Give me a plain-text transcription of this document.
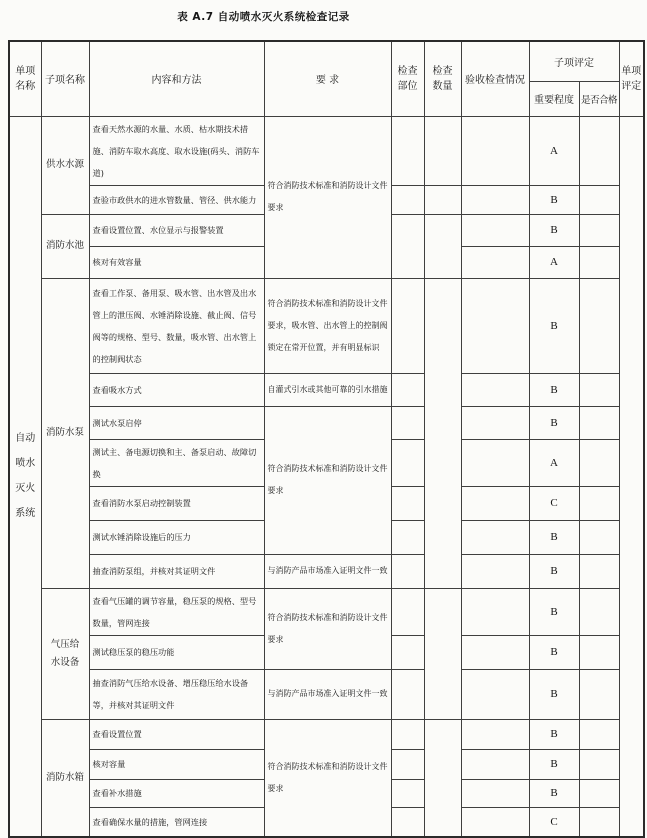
表 A.7 自动喷水灭火系统检查记录
单项名称	子项名称	内容和方法	要 求	检查部位	检查数量	验收检查情况	子项评定		单项评定
							重要程度	是否合格	

自动喷水灭火系统	供水水源	查看天然水源的水量、水质、枯水期技术措施、消防车取水高度、取水设施(码头、消防车道)	符合消防技术标准和消防设计文件要求				A		
		查验市政供水的进水管数量、管径、供水能力					B		
	消防水池	查看设置位置、水位显示与报警装置					B		
		核对有效容量					A		
	消防水泵	查看工作泵、备用泵、吸水管、出水管及出水管上的泄压阀、水锤消除设施、截止阀、信号阀等的规格、型号、数量，吸水管、出水管上的控制阀状态	符合消防技术标准和消防设计文件要求，吸水管、出水管上的控制阀锁定在常开位置，并有明显标识				B		
		查看吸水方式	自灌式引水或其他可靠的引水措施				B		
		测试水泵启停	符合消防技术标准和消防设计文件要求				B		
		测试主、备电源切换和主、备泵启动、故障切换					A		
		查看消防水泵启动控制装置					C		
		测试水锤消除设施后的压力					B		
		抽查消防泵组，并核对其证明文件	与消防产品市场准入证明文件一致				B		
	气压给水设备	查看气压罐的调节容量，稳压泵的规格、型号数量，管网连接	符合消防技术标准和消防设计文件要求				B		
		测试稳压泵的稳压功能					B		
		抽查消防气压给水设备、增压稳压给水设备等，并核对其证明文件	与消防产品市场准入证明文件一致				B		
	消防水箱	查看设置位置	符合消防技术标准和消防设计文件要求				B		
		核对容量					B		
		查看补水措施					B		
		查看确保水量的措施，管网连接					C		
